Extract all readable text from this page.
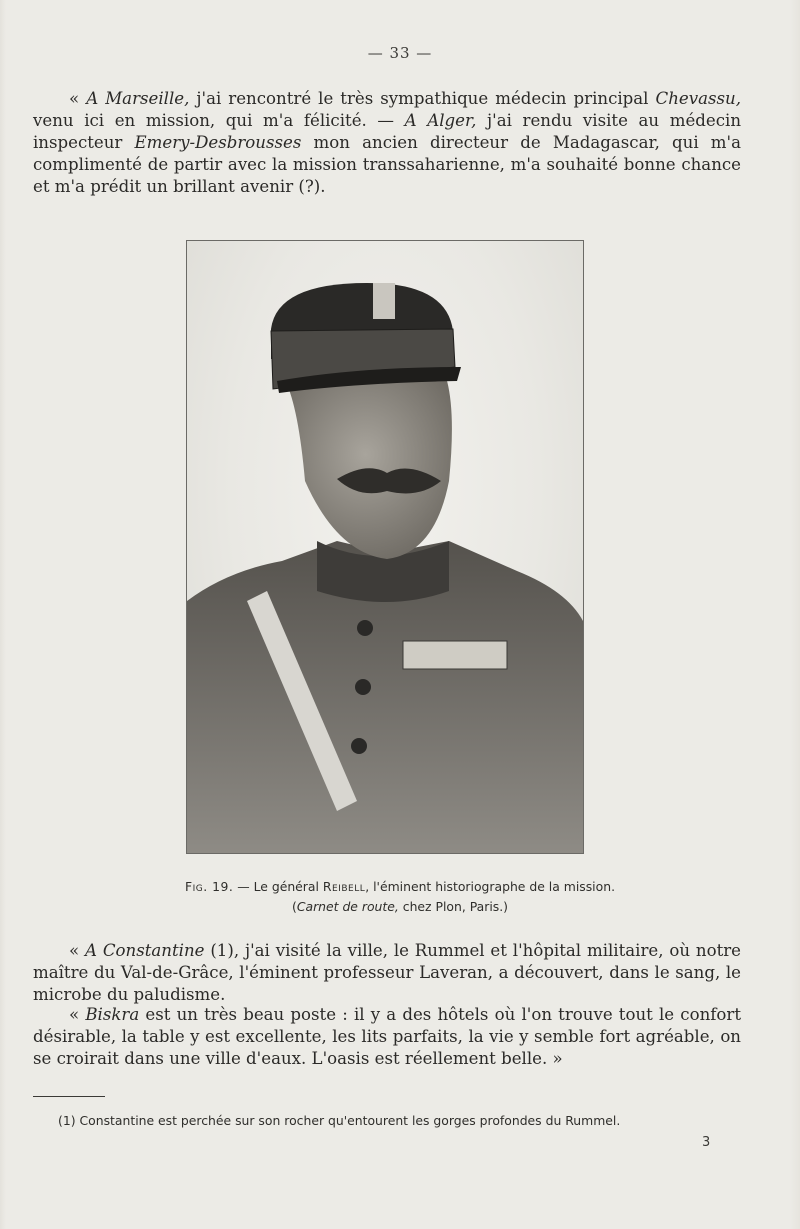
— 33 —

« A Marseille, j'ai rencontré le très sympathique médecin principal Chevassu, venu ici en mission, qui m'a félicité. — A Alger, j'ai rendu visite au médecin inspecteur Emery-Desbrousses mon ancien directeur de Madagascar, qui m'a complimenté de partir avec la mission transsaharienne, m'a souhaité bonne chance et m'a prédit un brillant avenir (?).

Fig. 19. — Le général Reibell, l'éminent historiographe de la mission.
(Carnet de route, chez Plon, Paris.)

« A Constantine (1), j'ai visité la ville, le Rummel et l'hôpital militaire, où notre maître du Val-de-Grâce, l'éminent professeur Laveran, a découvert, dans le sang, le microbe du paludisme.

« Biskra est un très beau poste : il y a des hôtels où l'on trouve tout le confort désirable, la table y est excellente, les lits parfaits, la vie y semble fort agréable, on se croirait dans une ville d'eaux. L'oasis est réellement belle. »

(1) Constantine est perchée sur son rocher qu'entourent les gorges profondes du Rummel.
3
